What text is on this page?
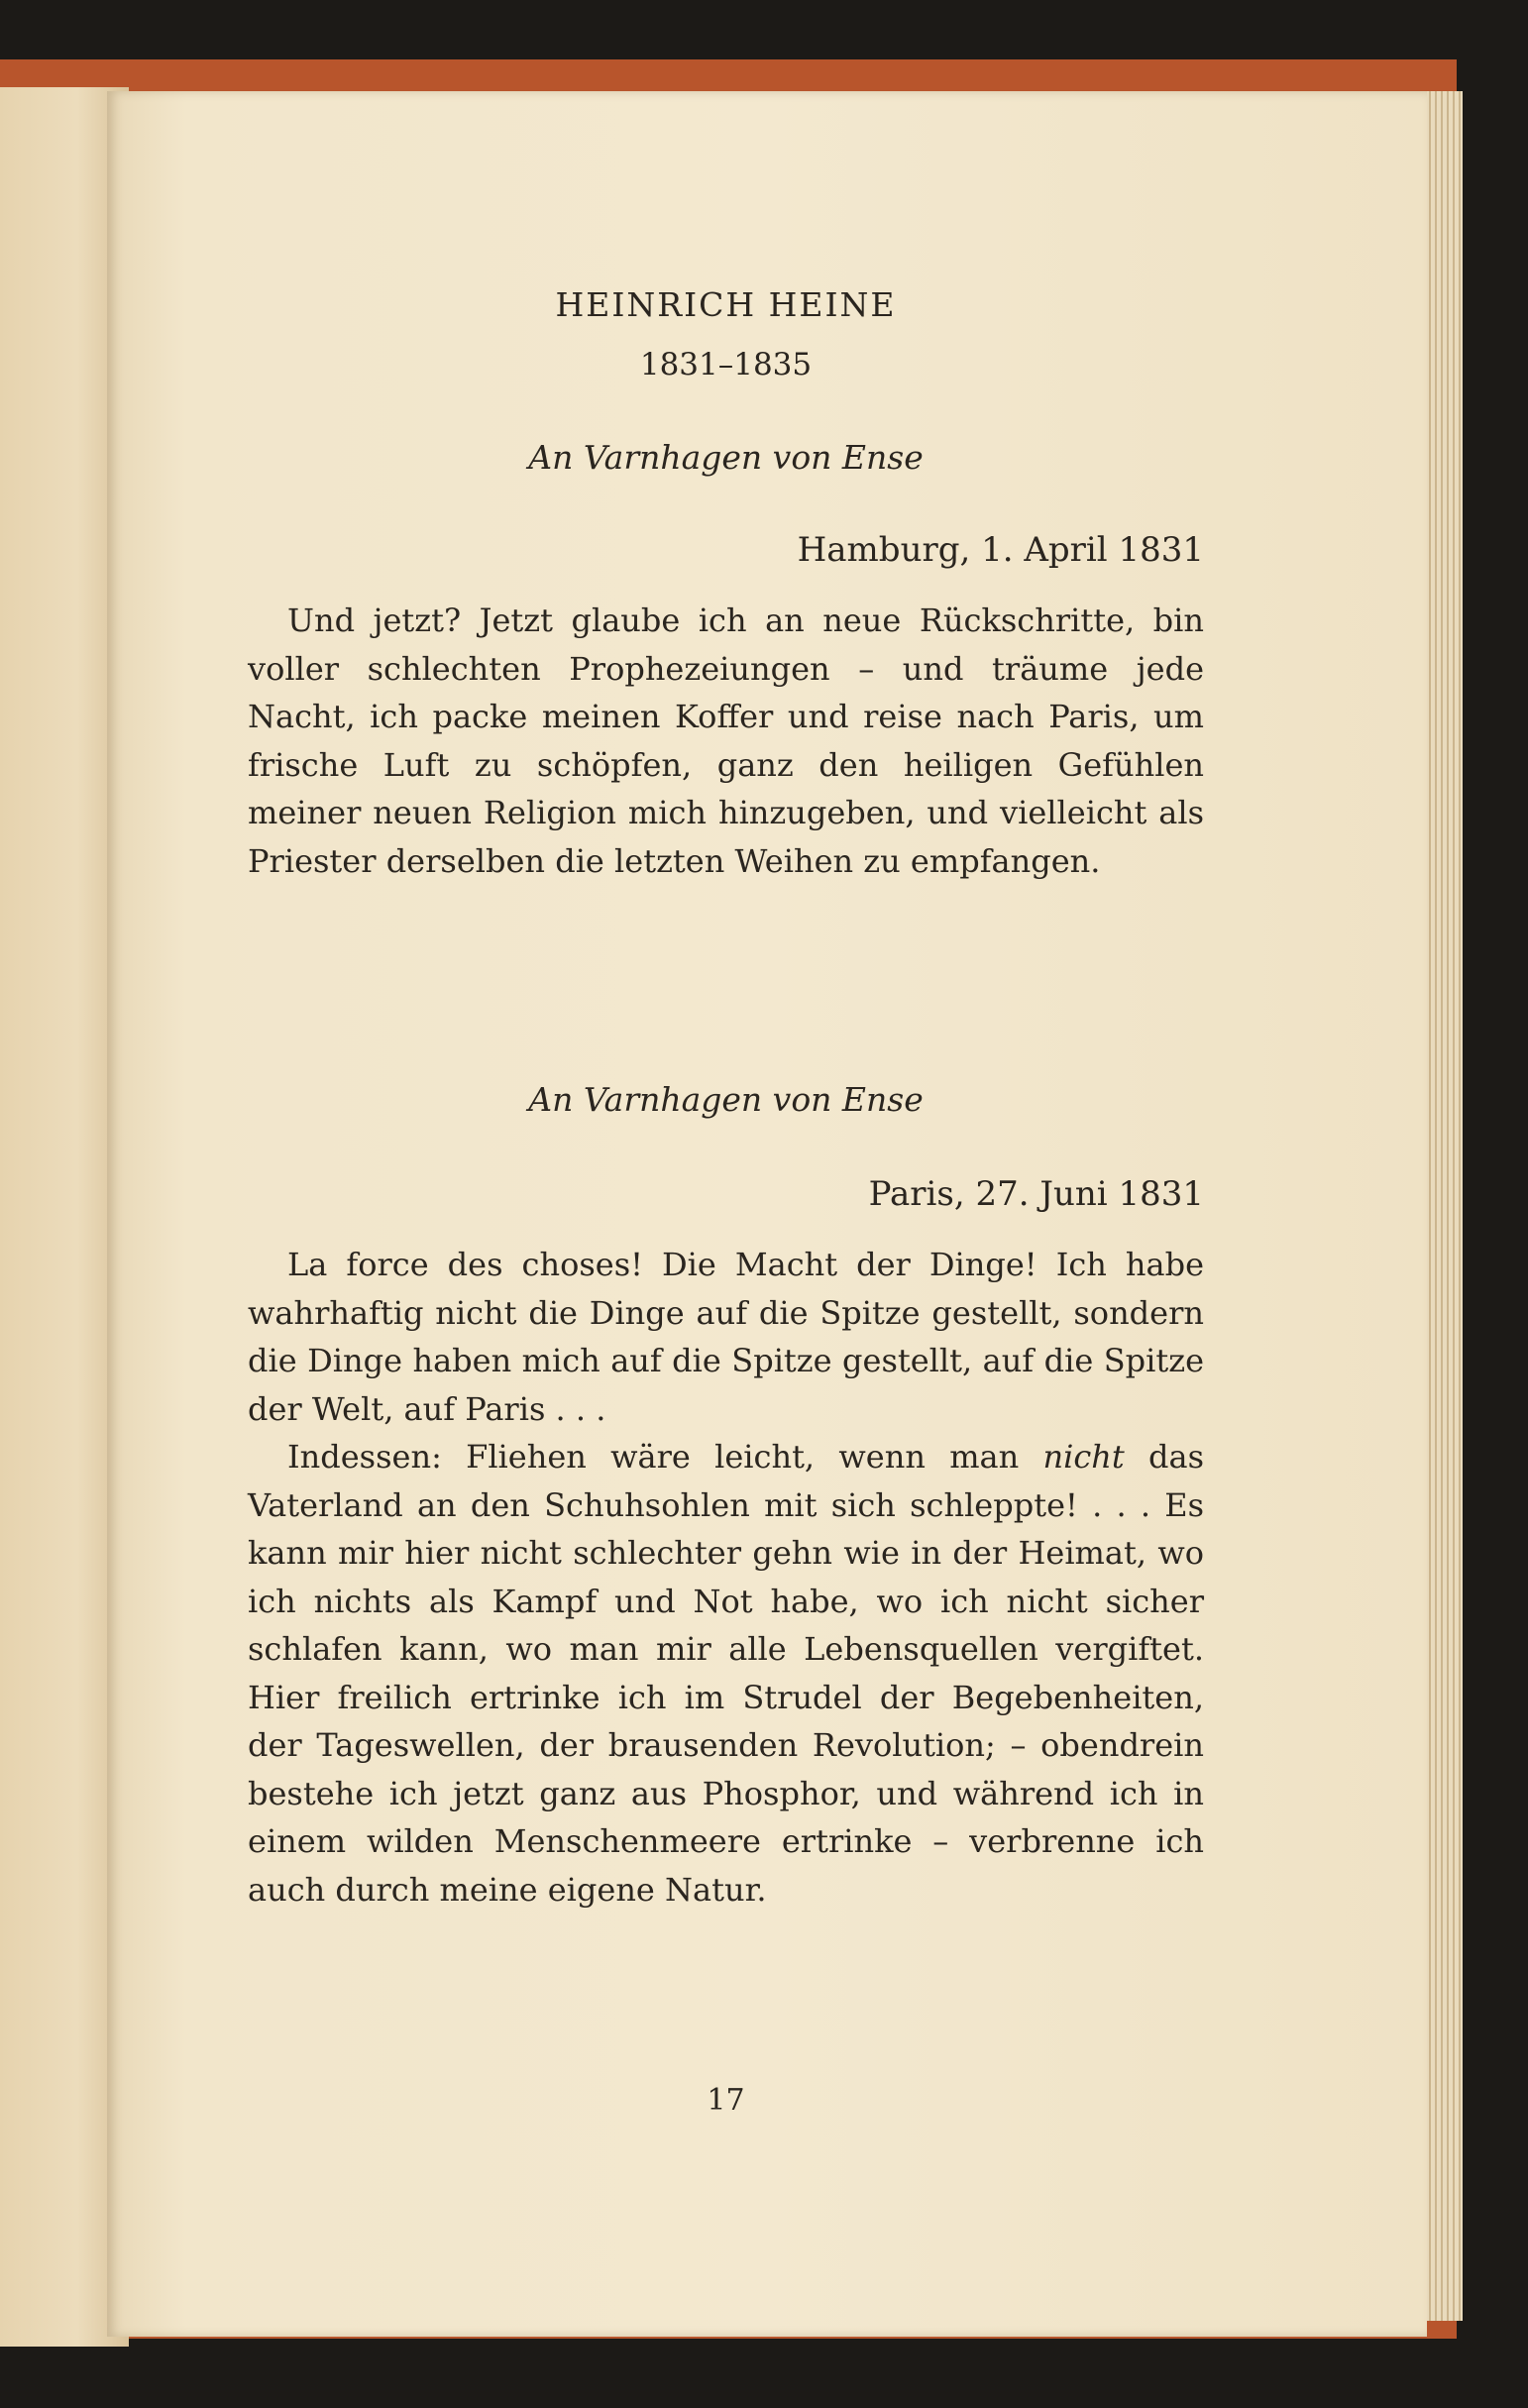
HEINRICH HEINE
1831–1835
An Varnhagen von Ense
Hamburg, 1. April 1831
Und jetzt? Jetzt glaube ich an neue Rückschritte, bin voller schlechten Prophezeiungen – und träume jede Nacht, ich packe meinen Koffer und reise nach Paris, um frische Luft zu schöpfen, ganz den heiligen Gefühlen meiner neuen Religion mich hinzugeben, und vielleicht als Priester derselben die letzten Weihen zu empfangen.
An Varnhagen von Ense
Paris, 27. Juni 1831
La force des choses! Die Macht der Dinge! Ich habe wahrhaftig nicht die Dinge auf die Spitze gestellt, sondern die Dinge haben mich auf die Spitze gestellt, auf die Spitze der Welt, auf Paris . . .
Indessen: Fliehen wäre leicht, wenn man nicht das Vaterland an den Schuhsohlen mit sich schleppte! . . . Es kann mir hier nicht schlechter gehn wie in der Heimat, wo ich nichts als Kampf und Not habe, wo ich nicht sicher schlafen kann, wo man mir alle Lebensquellen vergiftet. Hier freilich ertrinke ich im Strudel der Begebenheiten, der Tageswellen, der brausenden Revolution; – obendrein bestehe ich jetzt ganz aus Phosphor, und während ich in einem wilden Menschenmeere ertrinke – verbrenne ich auch durch meine eigene Natur.
17
